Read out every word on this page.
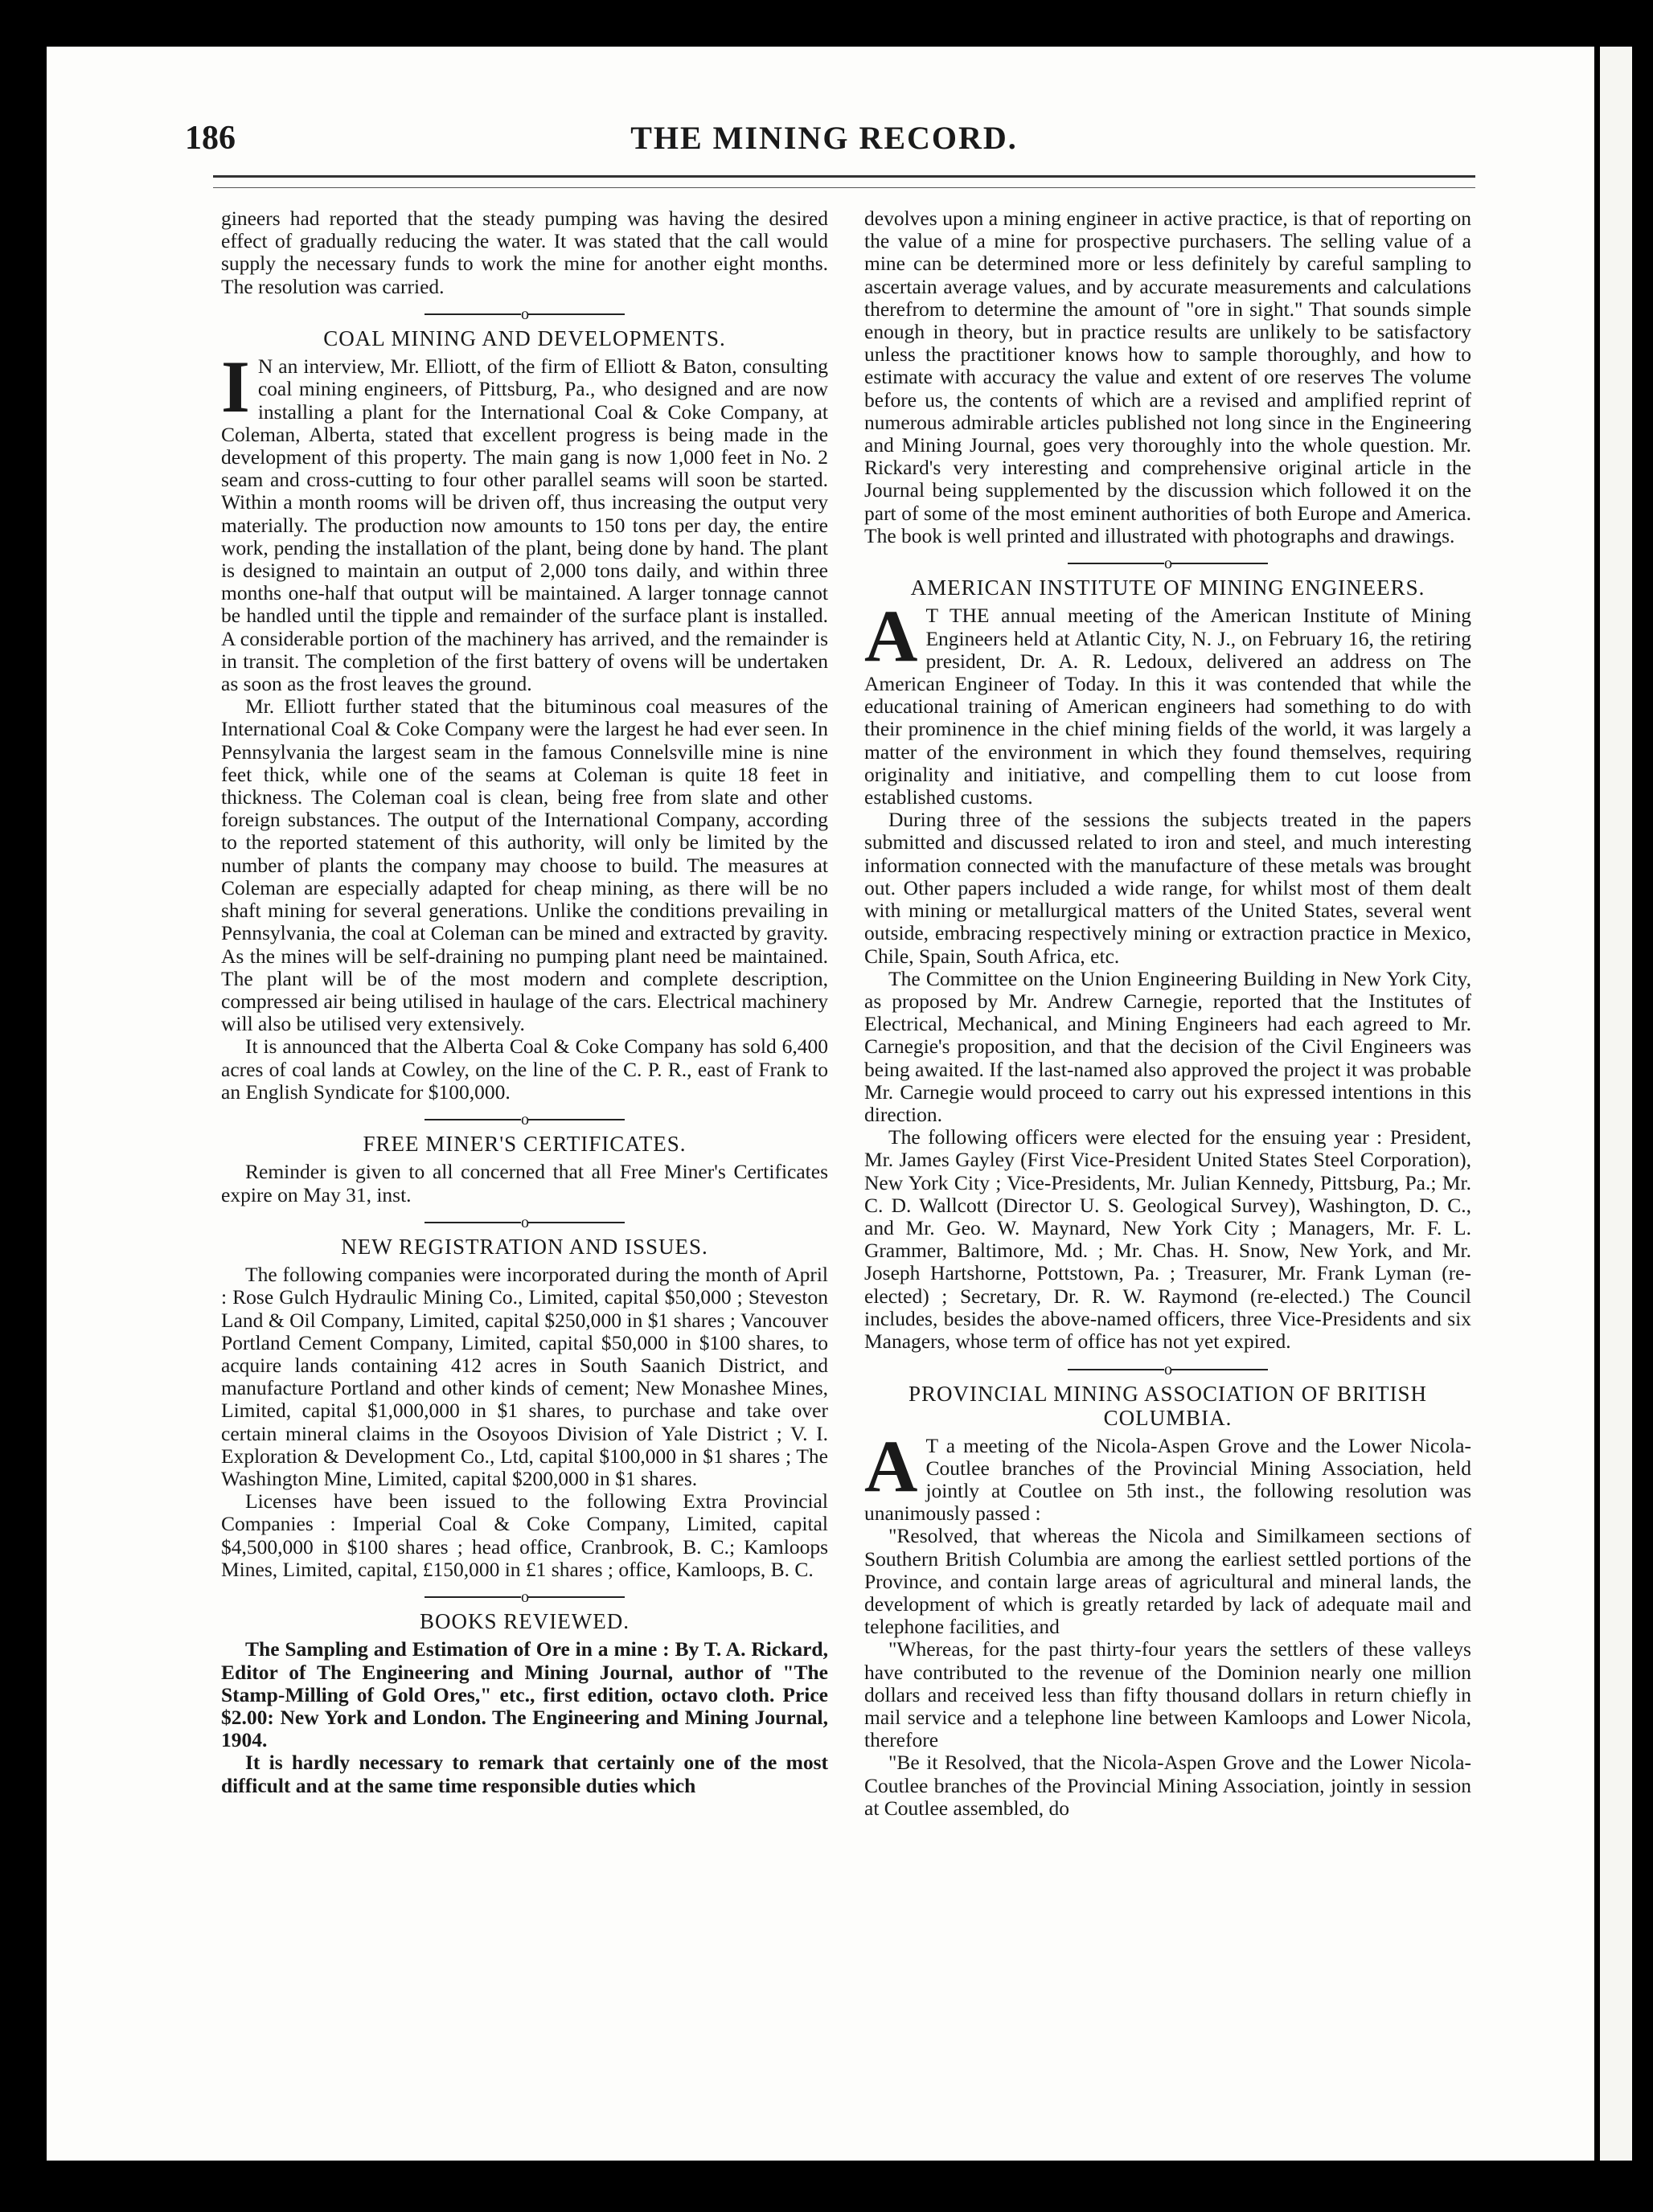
186	THE MINING RECORD.

gineers had reported that the steady pumping was having the desired effect of gradually reducing the water. It was stated that the call would supply the necessary funds to work the mine for another eight months. The resolution was carried.

o
COAL MINING AND DEVELOPMENTS.

I N an interview, Mr. Elliott, of the firm of Elliott & Baton, consulting coal mining engineers, of Pittsburg, Pa., who designed and are now installing a plant for the International Coal & Coke Company, at Coleman, Alberta, stated that excellent progress is being made in the development of this property. The main gang is now 1,000 feet in No. 2 seam and cross-cutting to four other parallel seams will soon be started. Within a month rooms will be driven off, thus increasing the output very materially. The production now amounts to 150 tons per day, the entire work, pending the installation of the plant, being done by hand. The plant is designed to maintain an output of 2,000 tons daily, and within three months one-half that output will be maintained. A larger tonnage cannot be handled until the tipple and remainder of the surface plant is installed. A considerable portion of the machinery has arrived, and the remainder is in transit. The completion of the first battery of ovens will be undertaken as soon as the frost leaves the ground.

Mr. Elliott further stated that the bituminous coal measures of the International Coal & Coke Company were the largest he had ever seen. In Pennsylvania the largest seam in the famous Connelsville mine is nine feet thick, while one of the seams at Coleman is quite 18 feet in thickness. The Coleman coal is clean, being free from slate and other foreign substances. The output of the International Company, according to the reported statement of this authority, will only be limited by the number of plants the company may choose to build. The measures at Coleman are especially adapted for cheap mining, as there will be no shaft mining for several generations. Unlike the conditions prevailing in Pennsylvania, the coal at Coleman can be mined and extracted by gravity. As the mines will be self-draining no pumping plant need be maintained. The plant will be of the most modern and complete description, compressed air being utilised in haulage of the cars. Electrical machinery will also be utilised very extensively.

It is announced that the Alberta Coal & Coke Company has sold 6,400 acres of coal lands at Cowley, on the line of the C. P. R., east of Frank to an English Syndicate for $100,000.

o
FREE MINER'S CERTIFICATES.

Reminder is given to all concerned that all Free Miner's Certificates expire on May 31, inst.

o
NEW REGISTRATION AND ISSUES.

The following companies were incorporated during the month of April : Rose Gulch Hydraulic Mining Co., Limited, capital $50,000 ; Steveston Land & Oil Company, Limited, capital $250,000 in $1 shares ; Vancouver Portland Cement Company, Limited, capital $50,000 in $100 shares, to acquire lands containing 412 acres in South Saanich District, and manufacture Portland and other kinds of cement; New Monashee Mines, Limited, capital $1,000,000 in $1 shares, to purchase and take over certain mineral claims in the Osoyoos Division of Yale District ; V. I. Exploration & Development Co., Ltd, capital $100,000 in $1 shares ; The Washington Mine, Limited, capital $200,000 in $1 shares.

Licenses have been issued to the following Extra Provincial Companies : Imperial Coal & Coke Company, Limited, capital $4,500,000 in $100 shares ; head office, Cranbrook, B. C.; Kamloops Mines, Limited, capital, £150,000 in £1 shares ; office, Kamloops, B. C.

o
BOOKS REVIEWED.

The Sampling and Estimation of Ore in a mine : By T. A. Rickard, Editor of The Engineering and Mining Journal, author of "The Stamp-Milling of Gold Ores," etc., first edition, octavo cloth. Price $2.00: New York and London. The Engineering and Mining Journal, 1904.

It is hardly necessary to remark that certainly one of the most difficult and at the same time responsible duties which

devolves upon a mining engineer in active practice, is that of reporting on the value of a mine for prospective purchasers. The selling value of a mine can be determined more or less definitely by careful sampling to ascertain average values, and by accurate measurements and calculations therefrom to determine the amount of "ore in sight." That sounds simple enough in theory, but in practice results are unlikely to be satisfactory unless the practitioner knows how to sample thoroughly, and how to estimate with accuracy the value and extent of ore reserves The volume before us, the contents of which are a revised and amplified reprint of numerous admirable articles published not long since in the Engineering and Mining Journal, goes very thoroughly into the whole question. Mr. Rickard's very interesting and comprehensive original article in the Journal being supplemented by the discussion which followed it on the part of some of the most eminent authorities of both Europe and America. The book is well printed and illustrated with photographs and drawings.

o
AMERICAN INSTITUTE OF MINING ENGINEERS.

A T THE annual meeting of the American Institute of Mining Engineers held at Atlantic City, N. J., on February 16, the retiring president, Dr. A. R. Ledoux, delivered an address on The American Engineer of Today. In this it was contended that while the educational training of American engineers had something to do with their prominence in the chief mining fields of the world, it was largely a matter of the environment in which they found themselves, requiring originality and initiative, and compelling them to cut loose from established customs.

During three of the sessions the subjects treated in the papers submitted and discussed related to iron and steel, and much interesting information connected with the manufacture of these metals was brought out. Other papers included a wide range, for whilst most of them dealt with mining or metallurgical matters of the United States, several went outside, embracing respectively mining or extraction practice in Mexico, Chile, Spain, South Africa, etc.

The Committee on the Union Engineering Building in New York City, as proposed by Mr. Andrew Carnegie, reported that the Institutes of Electrical, Mechanical, and Mining Engineers had each agreed to Mr. Carnegie's proposition, and that the decision of the Civil Engineers was being awaited. If the last-named also approved the project it was probable Mr. Carnegie would proceed to carry out his expressed intentions in this direction.

The following officers were elected for the ensuing year : President, Mr. James Gayley (First Vice-President United States Steel Corporation), New York City ; Vice-Presidents, Mr. Julian Kennedy, Pittsburg, Pa.; Mr. C. D. Wallcott (Director U. S. Geological Survey), Washington, D. C., and Mr. Geo. W. Maynard, New York City ; Managers, Mr. F. L. Grammer, Baltimore, Md. ; Mr. Chas. H. Snow, New York, and Mr. Joseph Hartshorne, Pottstown, Pa. ; Treasurer, Mr. Frank Lyman (re-elected) ; Secretary, Dr. R. W. Raymond (re-elected.) The Council includes, besides the above-named officers, three Vice-Presidents and six Managers, whose term of office has not yet expired.

o
PROVINCIAL MINING ASSOCIATION OF BRITISH COLUMBIA.

A T a meeting of the Nicola-Aspen Grove and the Lower Nicola-Coutlee branches of the Provincial Mining Association, held jointly at Coutlee on 5th inst., the following resolution was unanimously passed :

"Resolved, that whereas the Nicola and Similkameen sections of Southern British Columbia are among the earliest settled portions of the Province, and contain large areas of agricultural and mineral lands, the development of which is greatly retarded by lack of adequate mail and telephone facilities, and

"Whereas, for the past thirty-four years the settlers of these valleys have contributed to the revenue of the Dominion nearly one million dollars and received less than fifty thousand dollars in return chiefly in mail service and a telephone line between Kamloops and Lower Nicola, therefore

"Be it Resolved, that the Nicola-Aspen Grove and the Lower Nicola-Coutlee branches of the Provincial Mining Association, jointly in session at Coutlee assembled, do
